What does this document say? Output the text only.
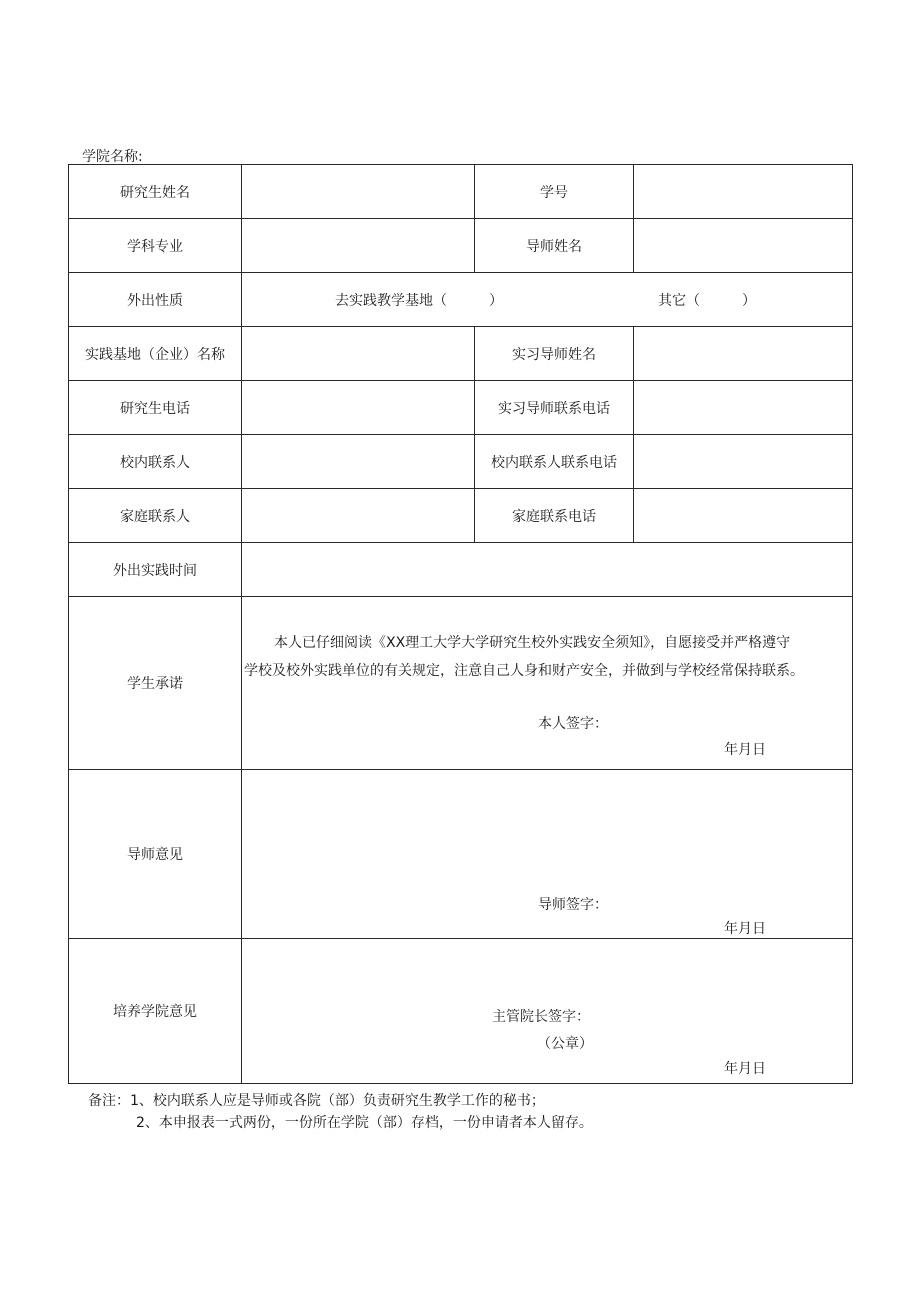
学院名称:
研究生姓名		学号	
学科专业		导师姓名	
外出性质	去实践教学基地（　　　） 其它（　　　）		

实践基地（企业）名称		实习导师姓名	
研究生电话		实习导师联系电话	
校内联系人		校内联系人联系电话	
家庭联系人		家庭联系电话	
外出实践时间			
学生承诺	本人已仔细阅读《XX理工大学大学研究生校外实践安全须知》，自愿接受并严格遵守
学校及校外实践单位的有关规定，注意自己人身和财产安全，并做到与学校经常保持联系。
本人签字：
年月日		

导师意见	导师签字：
年月日		

培养学院意见	主管院长签字：
（公章）
年月日		
备注：1、校内联系人应是导师或各院（部）负责研究生教学工作的秘书；
2、本申报表一式两份，一份所在学院（部）存档，一份申请者本人留存。
